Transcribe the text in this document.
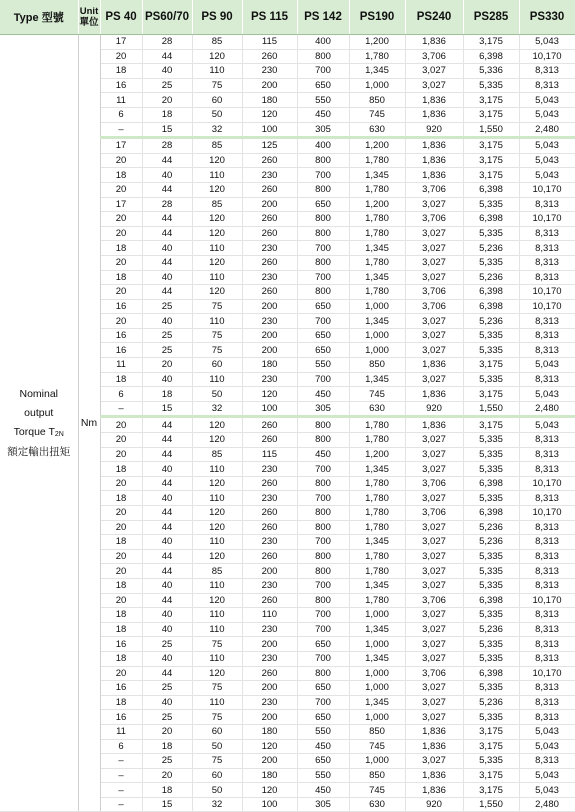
Type 型號	Unit
單位	PS 40	PS60/70	PS 90	PS 115	PS 142	PS190	PS240	PS285	PS330
Nominal
output
Torque $T_{2N}$
額定輸出扭矩	Nm	17	28	85	115	400	1,200	1,836	3,175	5,043
		20	44	120	260	800	1,780	3,706	6,398	10,170
		18	40	110	230	700	1,345	3,027	5,336	8,313
		16	25	75	200	650	1,000	3,027	5,335	8,313
		11	20	60	180	550	850	1,836	3,175	5,043
		6	18	50	120	450	745	1,836	3,175	5,043
		–	15	32	100	305	630	920	1,550	2,480
		17	28	85	125	400	1,200	1,836	3,175	5,043
		20	44	120	260	800	1,780	1,836	3,175	5,043
		18	40	110	230	700	1,345	1,836	3,175	5,043
		20	44	120	260	800	1,780	3,706	6,398	10,170
		17	28	85	200	650	1,200	3,027	5,335	8,313
		20	44	120	260	800	1,780	3,706	6,398	10,170
		20	44	120	260	800	1,780	3,027	5,335	8,313
		18	40	110	230	700	1,345	3,027	5,236	8,313
		20	44	120	260	800	1,780	3,027	5,335	8,313
		18	40	110	230	700	1,345	3,027	5,236	8,313
		20	44	120	260	800	1,780	3,706	6,398	10,170
		16	25	75	200	650	1,000	3,706	6,398	10,170
		20	40	110	230	700	1,345	3,027	5,236	8,313
		16	25	75	200	650	1,000	3,027	5,335	8,313
		16	25	75	200	650	1,000	3,027	5,335	8,313
		11	20	60	180	550	850	1,836	3,175	5,043
		18	40	110	230	700	1,345	3,027	5,335	8,313
		6	18	50	120	450	745	1,836	3,175	5,043
		–	15	32	100	305	630	920	1,550	2,480
		20	44	120	260	800	1,780	1,836	3,175	5,043
		20	44	120	260	800	1,780	3,027	5,335	8,313
		20	44	85	115	450	1,200	3,027	5,335	8,313
		18	40	110	230	700	1,345	3,027	5,335	8,313
		20	44	120	260	800	1,780	3,706	6,398	10,170
		18	40	110	230	700	1,780	3,027	5,335	8,313
		20	44	120	260	800	1,780	3,706	6,398	10,170
		20	44	120	260	800	1,780	3,027	5,236	8,313
		18	40	110	230	700	1,345	3,027	5,236	8,313
		20	44	120	260	800	1,780	3,027	5,335	8,313
		20	44	85	200	800	1,780	3,027	5,335	8,313
		18	40	110	230	700	1,345	3,027	5,335	8,313
		20	44	120	260	800	1,780	3,706	6,398	10,170
		18	40	110	110	700	1,000	3,027	5,335	8,313
		18	40	110	230	700	1,345	3,027	5,236	8,313
		16	25	75	200	650	1,000	3,027	5,335	8,313
		18	40	110	230	700	1,345	3,027	5,335	8,313
		20	44	120	260	800	1,000	3,706	6,398	10,170
		16	25	75	200	650	1,000	3,027	5,335	8,313
		18	40	110	230	700	1,345	3,027	5,236	8,313
		16	25	75	200	650	1,000	3,027	5,335	8,313
		11	20	60	180	550	850	1,836	3,175	5,043
		6	18	50	120	450	745	1,836	3,175	5,043
		–	25	75	200	650	1,000	3,027	5,335	8,313
		–	20	60	180	550	850	1,836	3,175	5,043
		–	18	50	120	450	745	1,836	3,175	5,043
		–	15	32	100	305	630	920	1,550	2,480
